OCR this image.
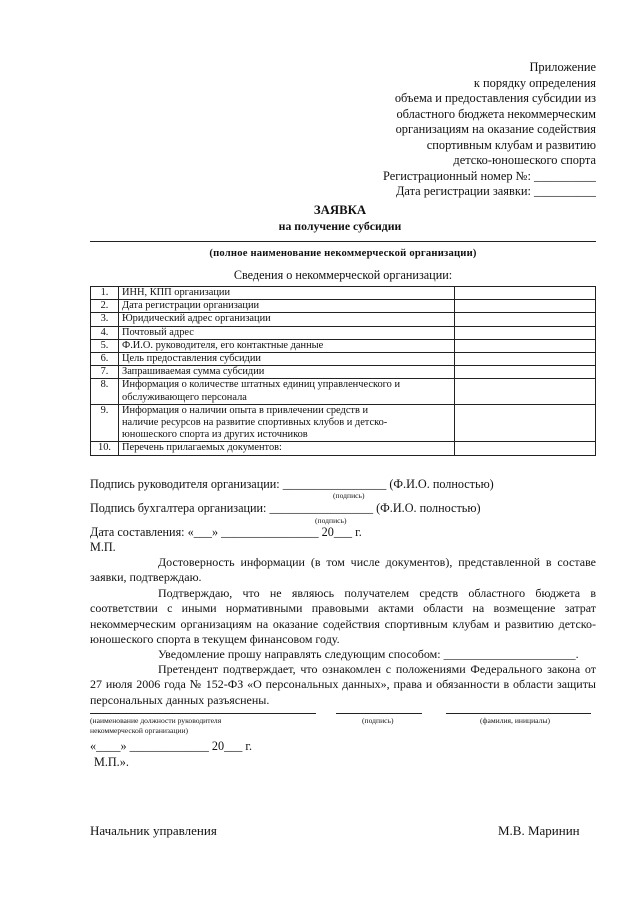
Приложение
к порядку определения
объема и предоставления субсидии из
областного бюджета некоммерческим
организациям на оказание содействия
спортивным клубам и развитию
детско-юношеского спорта
Регистрационный номер №: __________
Дата регистрации заявки: __________
ЗАЯВКА
на получение субсидии
(полное наименование некоммерческой организации)
Сведения о некоммерческой организации:
1.	ИНН, КПП организации	
2.	Дата регистрации организации	
3.	Юридический адрес организации	
4.	Почтовый адрес	
5.	Ф.И.О. руководителя, его контактные данные	
6.	Цель предоставления субсидии	
7.	Запрашиваемая сумма субсидии	
8.	Информация о количестве штатных единиц управленческого и
обслуживающего персонала	

9.	Информация о наличии опыта в привлечении средств и
наличие ресурсов на развитие спортивных клубов и детско-
юношеского спорта из других источников	

10.	Перечень прилагаемых документов:	
Подпись руководителя организации: _________________ (Ф.И.О. полностью)
(подпись)
Подпись бухгалтера организации: _________________ (Ф.И.О. полностью)
(подпись)
Дата составления: «___» ________________ 20___ г.
М.П.
Достоверность информации (в том числе документов), представленной в составе заявки, подтверждаю.
Подтверждаю, что не являюсь получателем средств областного бюджета в соответствии с иными нормативными правовыми актами области на возмещение затрат некоммерческим организациям на оказание содействия спортивным клубам и развитию детско-юношеского спорта в текущем финансовом году.
Уведомление прошу направлять следующим способом: ______________________.
Претендент подтверждает, что ознакомлен с положениями Федерального закона от 27 июля 2006 года № 152-ФЗ «О персональных данных», права и обязанности в области защиты персональных данных разъяснены.
(наименование должности руководителя
некоммерческой организации)
(подпись)	(фамилия, инициалы)
«____» _____________ 20___ г.
М.П.».
Начальник управления	М.В. Маринин
